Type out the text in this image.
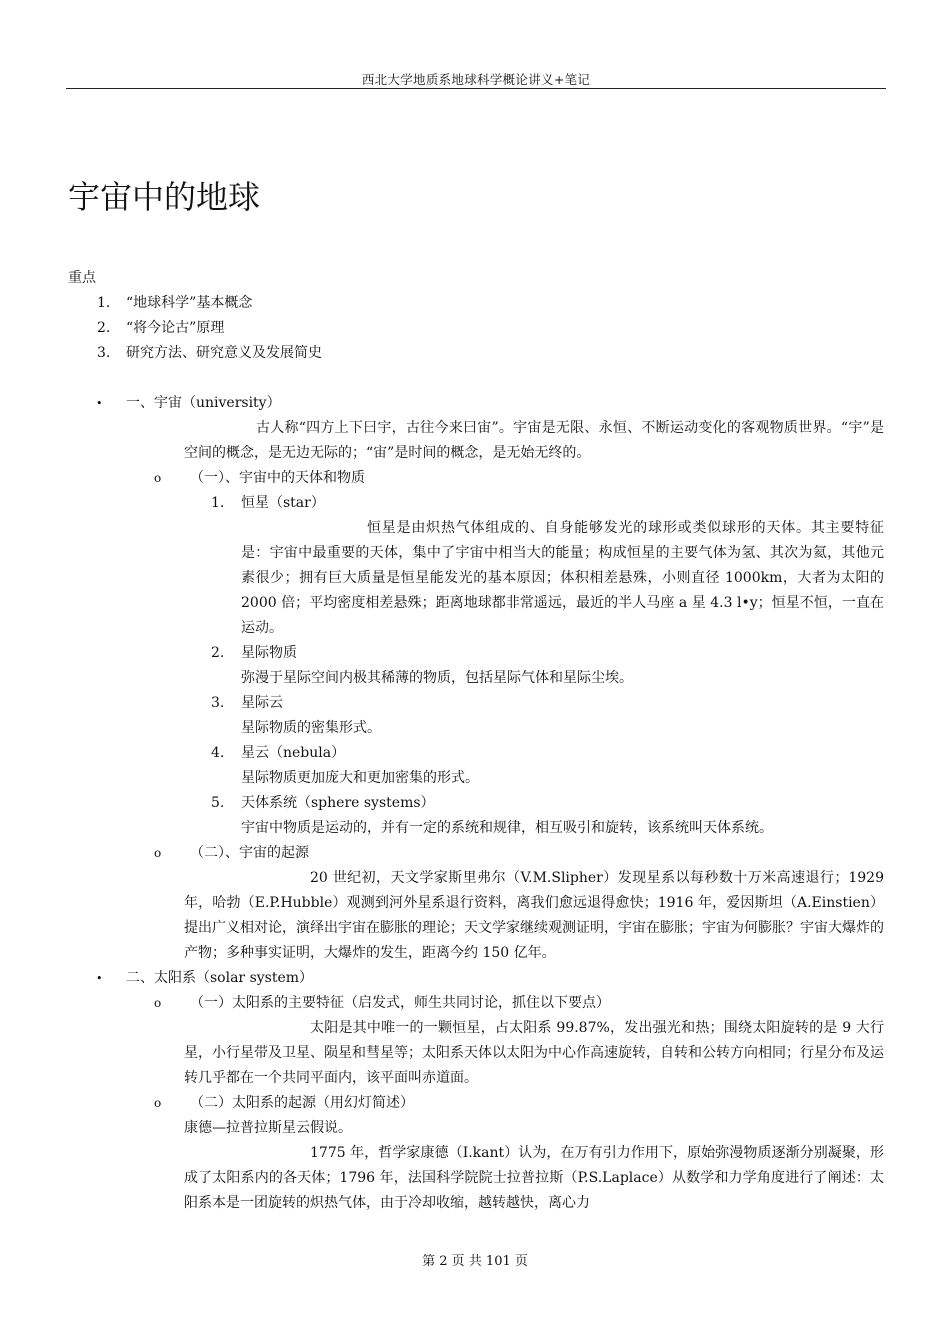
西北大学地质系地球科学概论讲义+笔记
宇宙中的地球
重点
1. “地球科学”基本概念
2. “将今论古”原理
3. 研究方法、研究意义及发展简史
• 一、宇宙（university）
古人称“四方上下曰宇，古往今来曰宙”。宇宙是无限、永恒、不断运动变化的客观物质世界。“宇”是空间的概念，是无边无际的；“宙”是时间的概念，是无始无终的。
o （一）、宇宙中的天体和物质
1. 恒星（star）
恒星是由炽热气体组成的、自身能够发光的球形或类似球形的天体。其主要特征是：宇宙中最重要的天体，集中了宇宙中相当大的能量；构成恒星的主要气体为氢、其次为氦，其他元素很少；拥有巨大质量是恒星能发光的基本原因；体积相差悬殊，小则直径 1000km，大者为太阳的 2000 倍；平均密度相差悬殊；距离地球都非常遥远，最近的半人马座 a 星 4.3 l•y；恒星不恒，一直在运动。
2. 星际物质
弥漫于星际空间内极其稀薄的物质，包括星际气体和星际尘埃。
3. 星际云
星际物质的密集形式。
4. 星云（nebula）
星际物质更加庞大和更加密集的形式。
5. 天体系统（sphere systems）
宇宙中物质是运动的，并有一定的系统和规律，相互吸引和旋转，该系统叫天体系统。
o （二）、宇宙的起源
20 世纪初，天文学家斯里弗尔（V.M.Slipher）发现星系以每秒数十万米高速退行；1929 年，哈勃（E.P.Hubble）观测到河外星系退行资料，离我们愈远退得愈快；1916 年，爱因斯坦（A.Einstien）提出广义相对论，演绎出宇宙在膨胀的理论；天文学家继续观测证明，宇宙在膨胀；宇宙为何膨胀？宇宙大爆炸的产物；多种事实证明，大爆炸的发生，距离今约 150 亿年。
• 二、太阳系（solar system）
o （一）太阳系的主要特征（启发式，师生共同讨论，抓住以下要点）
太阳是其中唯一的一颗恒星，占太阳系 99.87%，发出强光和热；围绕太阳旋转的是 9 大行星，小行星带及卫星、陨星和彗星等；太阳系天体以太阳为中心作高速旋转，自转和公转方向相同；行星分布及运转几乎都在一个共同平面内，该平面叫赤道面。
o （二）太阳系的起源（用幻灯简述）
康德—拉普拉斯星云假说。
1775 年，哲学家康德（I.kant）认为，在万有引力作用下，原始弥漫物质逐渐分别凝聚，形成了太阳系内的各天体；1796 年，法国科学院院士拉普拉斯（P.S.Laplace）从数学和力学角度进行了阐述：太阳系本是一团旋转的炽热气体，由于冷却收缩，越转越快，离心力
第 2 页 共 101 页
